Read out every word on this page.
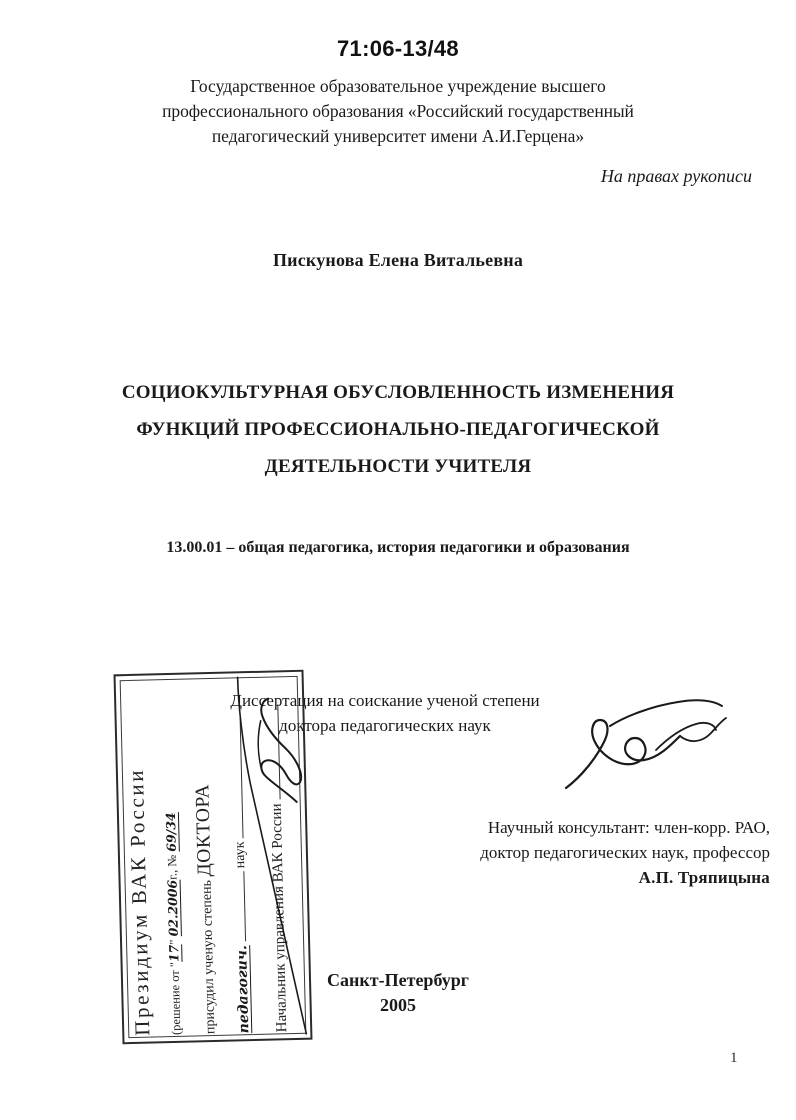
71:06-13/48
Государственное образовательное учреждение высшего
профессионального образования «Российский государственный
педагогический университет имени А.И.Герцена»
На правах рукописи
Пискунова Елена Витальевна
СОЦИОКУЛЬТУРНАЯ ОБУСЛОВЛЕННОСТЬ ИЗМЕНЕНИЯ
ФУНКЦИЙ ПРОФЕССИОНАЛЬНО-ПЕДАГОГИЧЕСКОЙ
ДЕЯТЕЛЬНОСТИ УЧИТЕЛЯ
13.00.01 – общая педагогика, история педагогики и образования
Диссертация на соискание ученой степени
доктора педагогических наук
Научный консультант: член-корр. РАО,
доктор педагогических наук, профессор
А.П. Тряпицына
Санкт-Петербург
2005
1
Президиум ВАК России	(решение от "17" 02.2006г., № 69/34
присудил ученую степень ДОКТОРА
педагогич.  наук	Начальник управления ВАК России
